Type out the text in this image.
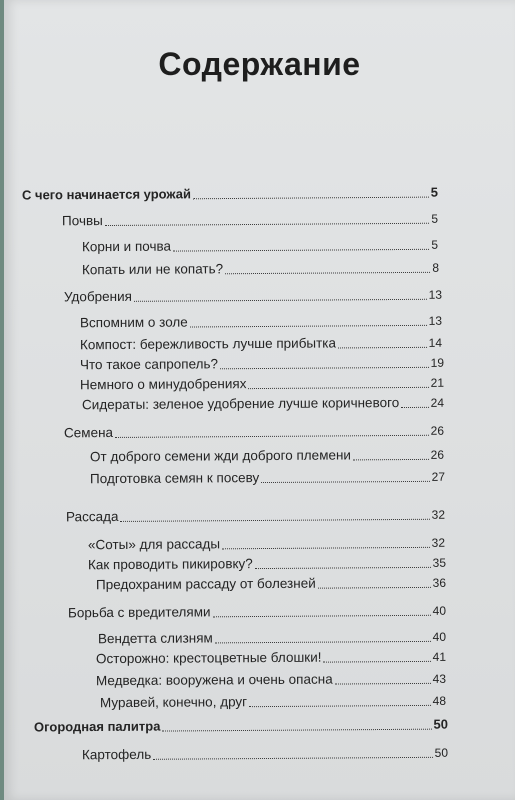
Содержание
С чего начинается урожай	5
Почвы	5
Корни и почва	5
Копать или не копать?	8
Удобрения	13
Вспомним о золе	13
Компост: бережливость лучше прибытка	14
Что такое сапропель?	19
Немного о минудобрениях	21
Сидераты: зеленое удобрение лучше коричневого	24
Семена	26
От доброго семени жди доброго племени	26
Подготовка семян к посеву	27
Рассада	32
«Соты» для рассады	32
Как проводить пикировку?	35
Предохраним рассаду от болезней	36
Борьба с вредителями	40
Вендетта слизням	40
Осторожно: крестоцветные блошки!	41
Медведка: вооружена и очень опасна	43
Муравей, конечно, друг	48
Огородная палитра	50
Картофель	50
